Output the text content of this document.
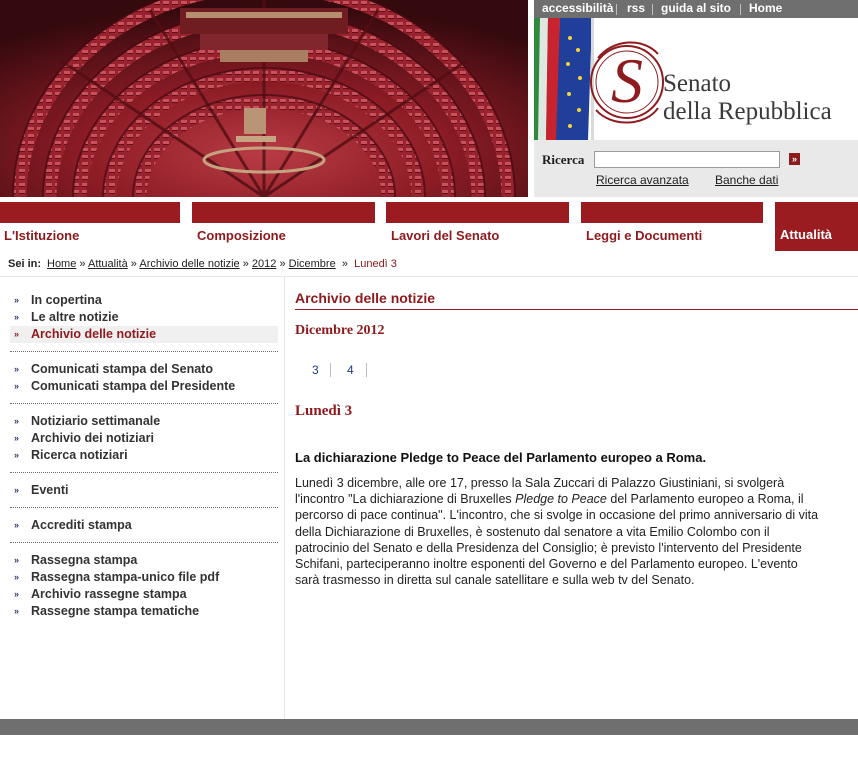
accessibilità rss guida al sito Home
S Senato
della Repubblica
Ricerca	»
Ricerca avanzata Banche dati
L'Istituzione	Composizione	Lavori del Senato	Leggi e Documenti	Attualità
Sei in: Home » Attualità » Archivio delle notizie » 2012 » Dicembre » Lunedì 3
» In copertina
» Le altre notizie
» Archivio delle notizie
» Comunicati stampa del Senato
» Comunicati stampa del Presidente
» Notiziario settimanale
» Archivio dei notiziari
» Ricerca notiziari
» Eventi
» Accrediti stampa
» Rassegna stampa
» Rassegna stampa-unico file pdf
» Archivio rassegne stampa
» Rassegne stampa tematiche
Archivio delle notizie
Dicembre 2012
3 4
Lunedì 3
La dichiarazione Pledge to Peace del Parlamento europeo a Roma.

Lunedì 3 dicembre, alle ore 17, presso la Sala Zuccari di Palazzo Giustiniani, si svolgerà

l'incontro "La dichiarazione di Bruxelles Pledge to Peace del Parlamento europeo a Roma, il

percorso di pace continua". L'incontro, che si svolge in occasione del primo anniversario di vita

della Dichiarazione di Bruxelles, è sostenuto dal senatore a vita Emilio Colombo con il

patrocinio del Senato e della Presidenza del Consiglio; è previsto l'intervento del Presidente

Schifani, parteciperanno inoltre esponenti del Governo e del Parlamento europeo. L'evento

sarà trasmesso in diretta sul canale satellitare e sulla web tv del Senato.
